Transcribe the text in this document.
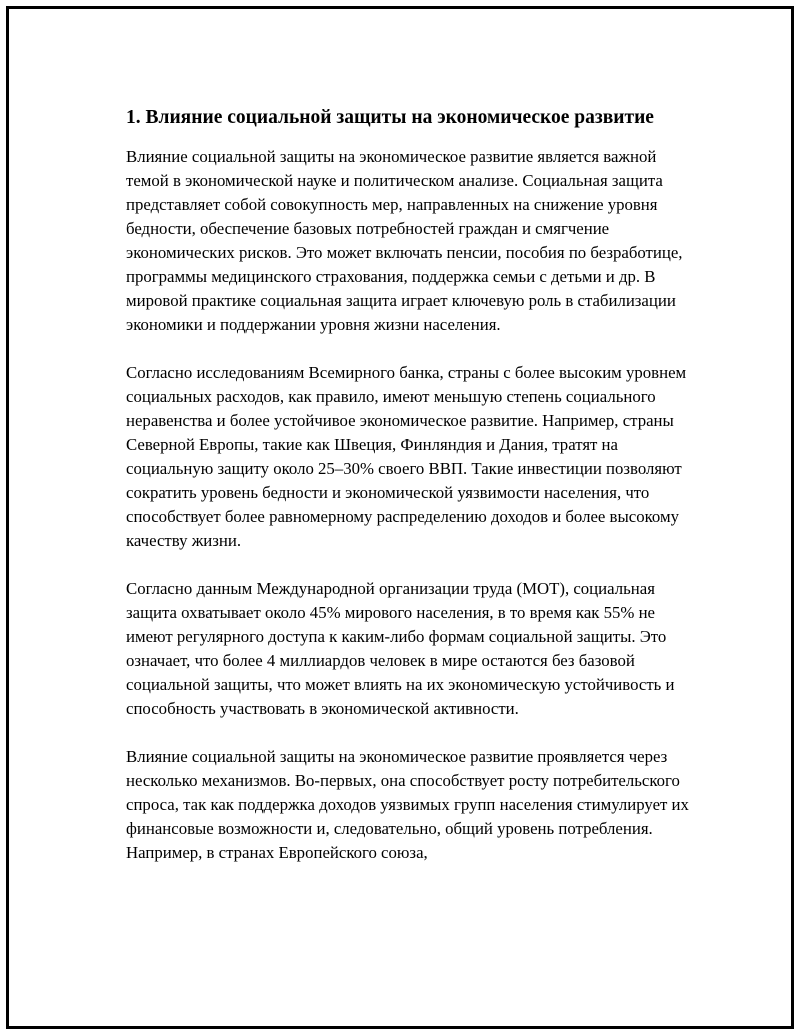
1. Влияние социальной защиты на экономическое развитие

Влияние социальной защиты на экономическое развитие является важной темой в экономической науке и политическом анализе. Социальная защита представляет собой совокупность мер, направленных на снижение уровня бедности, обеспечение базовых потребностей граждан и смягчение экономических рисков. Это может включать пенсии, пособия по безработице, программы медицинского страхования, поддержка семьи с детьми и др. В мировой практике социальная защита играет ключевую роль в стабилизации экономики и поддержании уровня жизни населения.

Согласно исследованиям Всемирного банка, страны с более высоким уровнем социальных расходов, как правило, имеют меньшую степень социального неравенства и более устойчивое экономическое развитие. Например, страны Северной Европы, такие как Швеция, Финляндия и Дания, тратят на социальную защиту около 25–30% своего ВВП. Такие инвестиции позволяют сократить уровень бедности и экономической уязвимости населения, что способствует более равномерному распределению доходов и более высокому качеству жизни.

Согласно данным Международной организации труда (МОТ), социальная защита охватывает около 45% мирового населения, в то время как 55% не имеют регулярного доступа к каким-либо формам социальной защиты. Это означает, что более 4 миллиардов человек в мире остаются без базовой социальной защиты, что может влиять на их экономическую устойчивость и способность участвовать в экономической активности.

Влияние социальной защиты на экономическое развитие проявляется через несколько механизмов. Во-первых, она способствует росту потребительского спроса, так как поддержка доходов уязвимых групп населения стимулирует их финансовые возможности и, следовательно, общий уровень потребления. Например, в странах Европейского союза,
